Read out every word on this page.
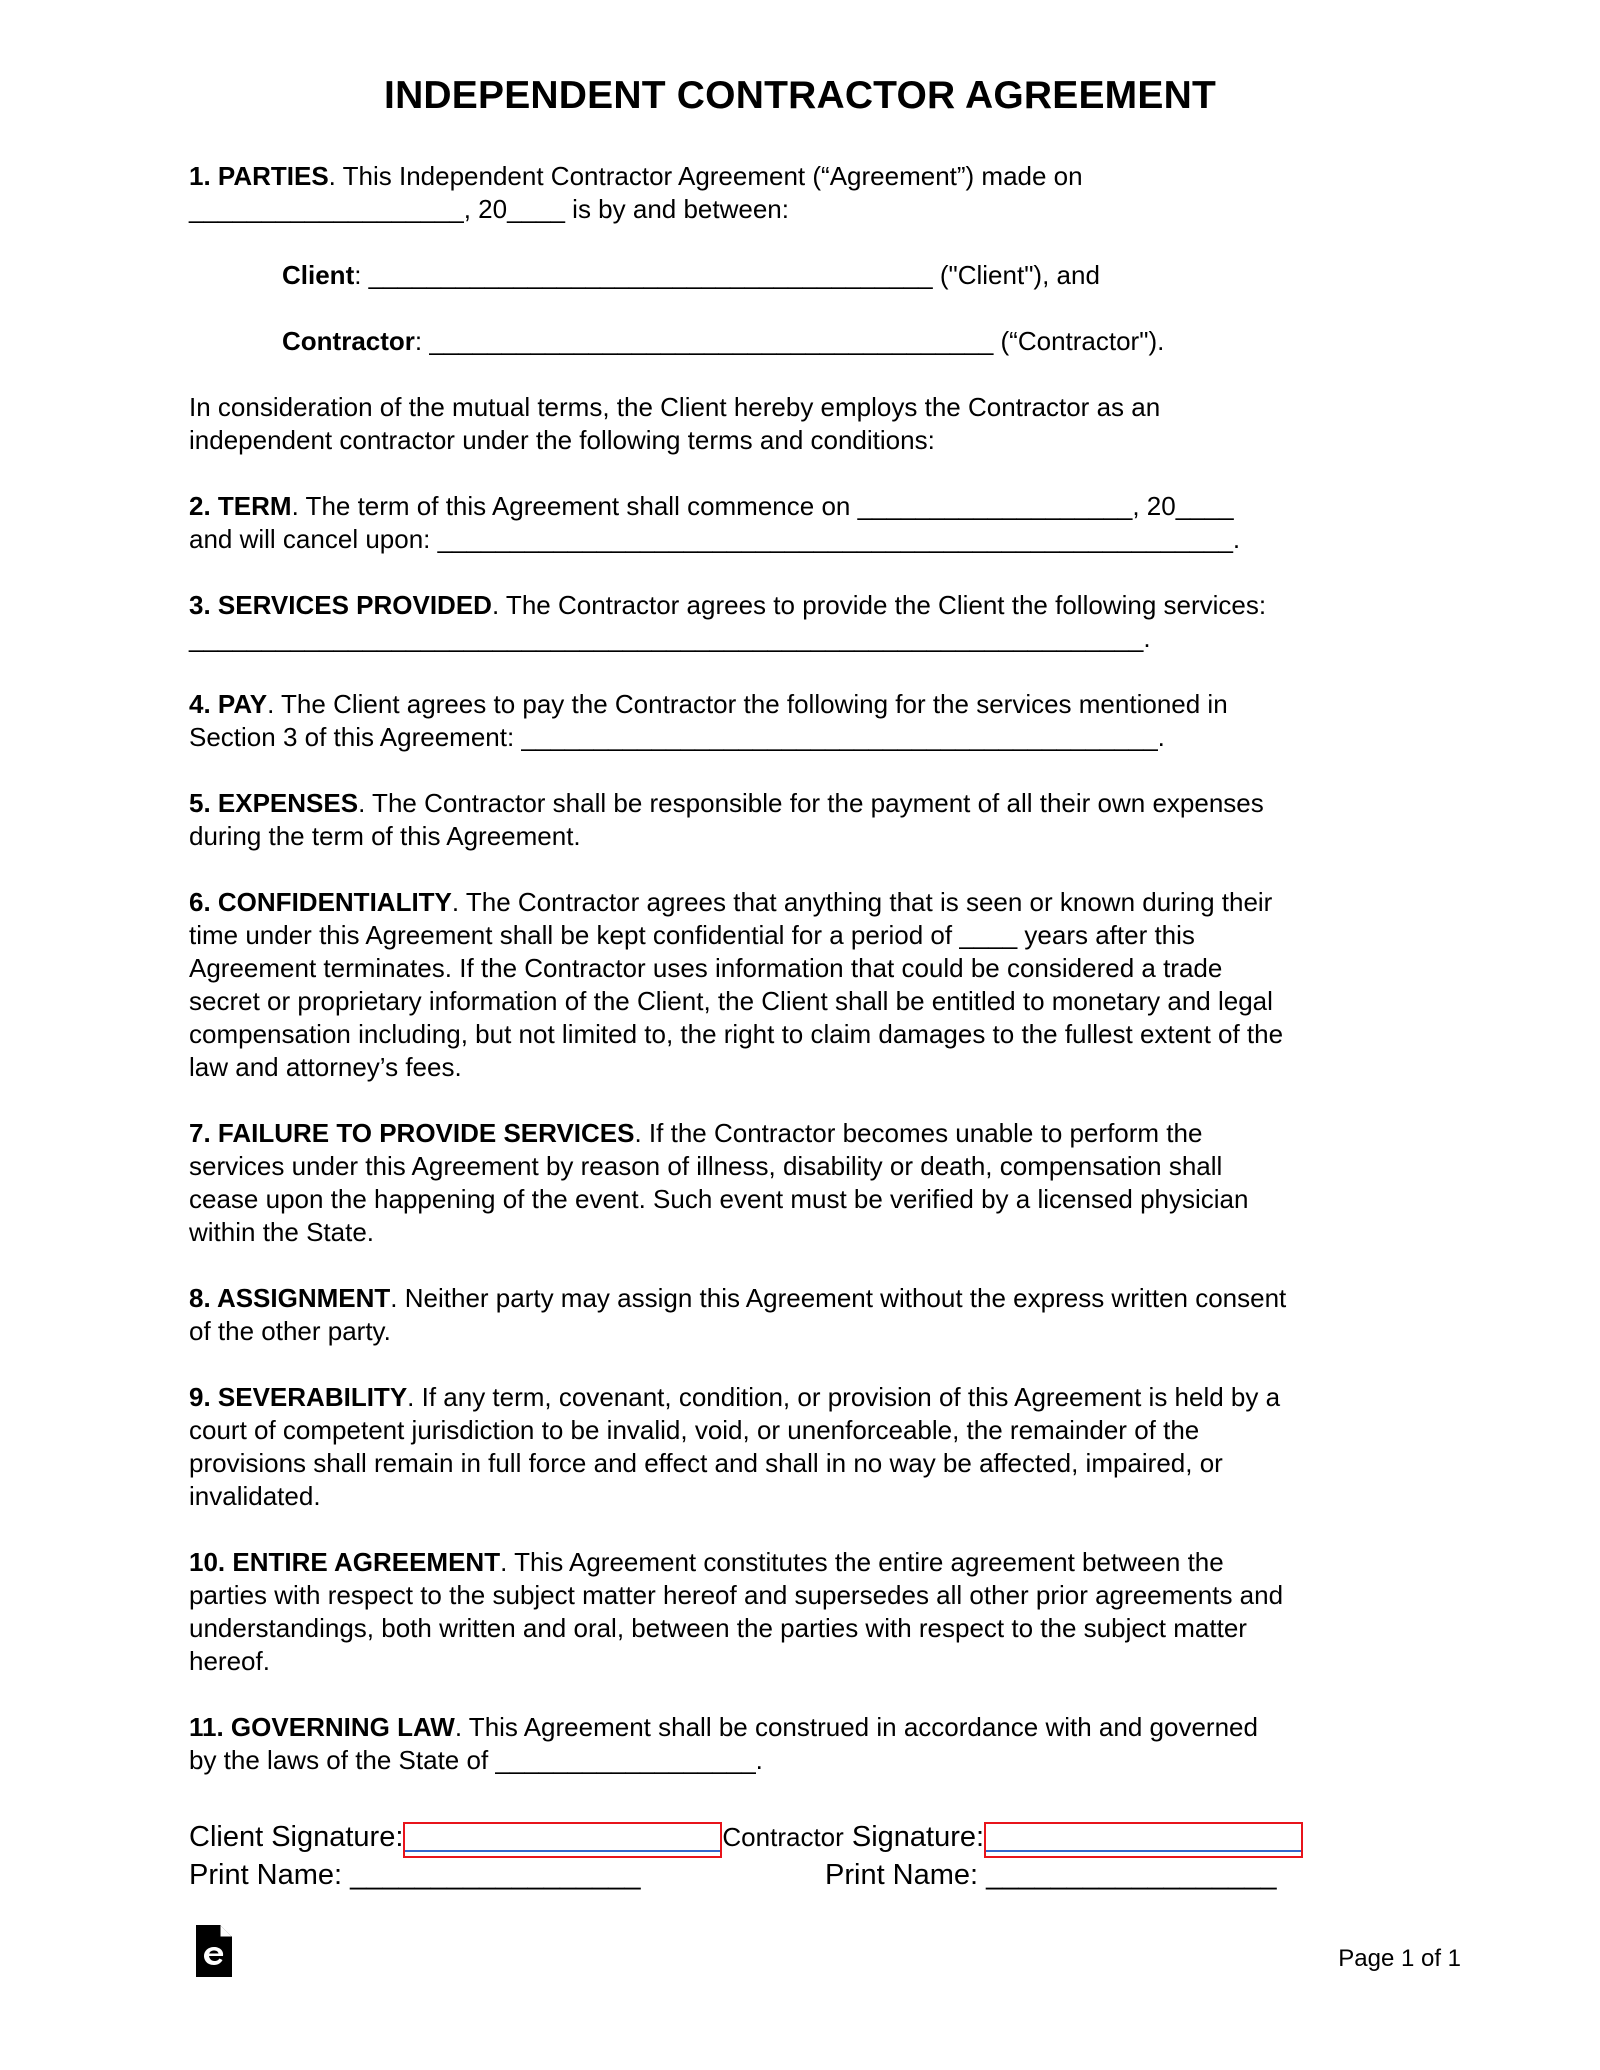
INDEPENDENT CONTRACTOR AGREEMENT
1. PARTIES. This Independent Contractor Agreement (“Agreement”) made on
___________________, 20____ is by and between:
Client: _______________________________________ ("Client"), and
Contractor: _______________________________________ (“Contractor").
In consideration of the mutual terms, the Client hereby employs the Contractor as an
independent contractor under the following terms and conditions:
2. TERM. The term of this Agreement shall commence on ___________________, 20____
and will cancel upon: _______________________________________________________.
3. SERVICES PROVIDED. The Contractor agrees to provide the Client the following services:
__________________________________________________________________.
4. PAY. The Client agrees to pay the Contractor the following for the services mentioned in
Section 3 of this Agreement: ____________________________________________.
5. EXPENSES. The Contractor shall be responsible for the payment of all their own expenses
during the term of this Agreement.
6. CONFIDENTIALITY. The Contractor agrees that anything that is seen or known during their
time under this Agreement shall be kept confidential for a period of ____ years after this
Agreement terminates. If the Contractor uses information that could be considered a trade
secret or proprietary information of the Client, the Client shall be entitled to monetary and legal
compensation including, but not limited to, the right to claim damages to the fullest extent of the
law and attorney’s fees.
7. FAILURE TO PROVIDE SERVICES. If the Contractor becomes unable to perform the
services under this Agreement by reason of illness, disability or death, compensation shall
cease upon the happening of the event. Such event must be verified by a licensed physician
within the State.
8. ASSIGNMENT. Neither party may assign this Agreement without the express written consent
of the other party.
9. SEVERABILITY. If any term, covenant, condition, or provision of this Agreement is held by a
court of competent jurisdiction to be invalid, void, or unenforceable, the remainder of the
provisions shall remain in full force and effect and shall in no way be affected, impaired, or
invalidated.
10. ENTIRE AGREEMENT. This Agreement constitutes the entire agreement between the
parties with respect to the subject matter hereof and supersedes all other prior agreements and
understandings, both written and oral, between the parties with respect to the subject matter
hereof.
11. GOVERNING LAW. This Agreement shall be construed in accordance with and governed
by the laws of the State of __________________.
Client Signature:	Contractor Signature:
Print Name: __________________	Print Name: __________________
Page 1 of 1
